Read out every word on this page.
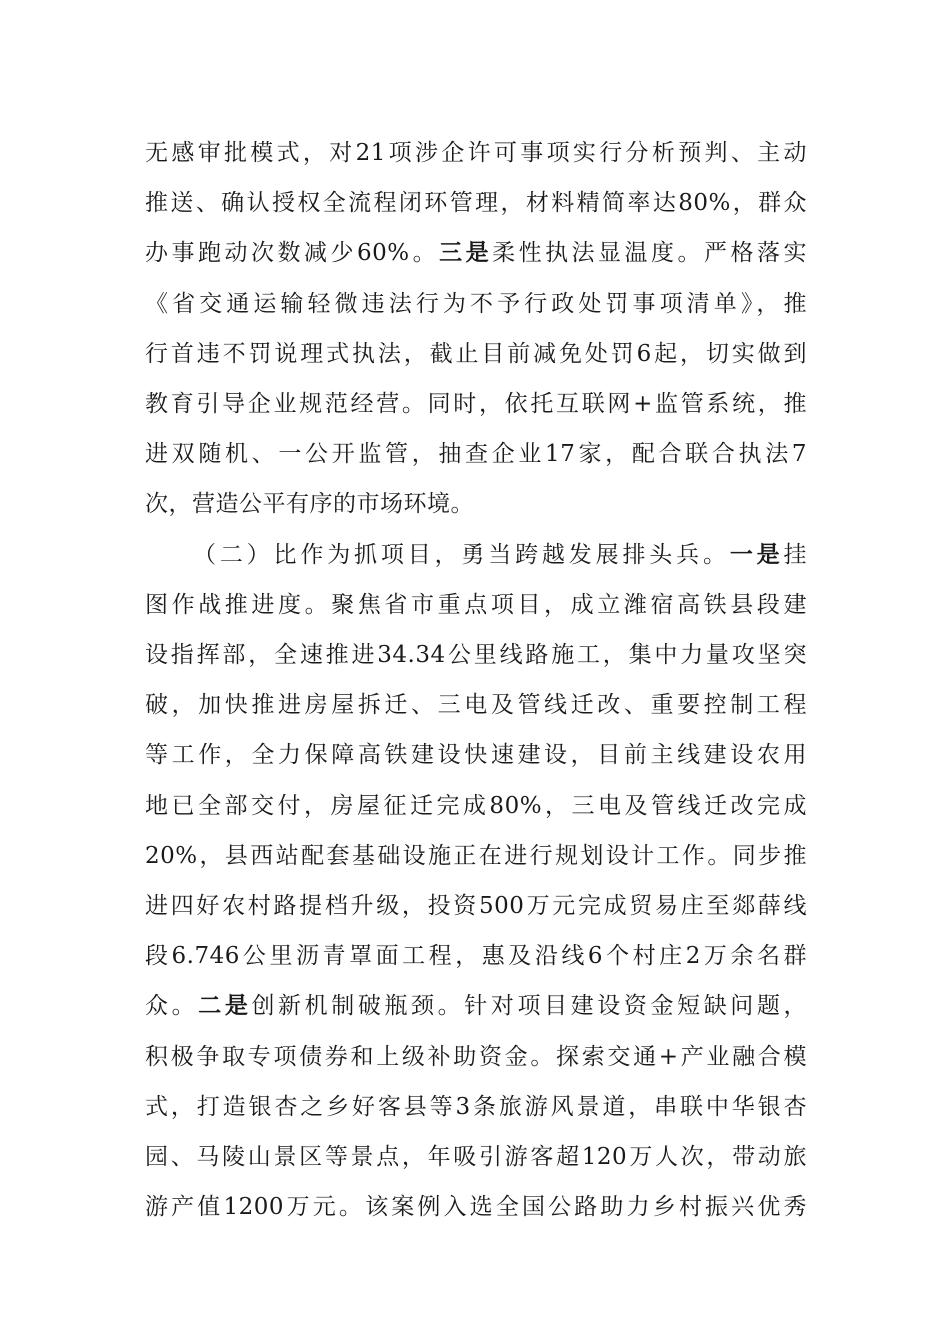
无感审批模式，对21项涉企许可事项实行分析预判、主动
推送、确认授权全流程闭环管理，材料精简率达80%，群众
办事跑动次数减少60%。三是柔性执法显温度。严格落实
《省交通运输轻微违法行为不予行政处罚事项清单》，推
行首违不罚说理式执法，截止目前减免处罚6起，切实做到
教育引导企业规范经营。同时，依托互联网+监管系统，推
进双随机、一公开监管，抽查企业17家，配合联合执法7
次，营造公平有序的市场环境。
（二）比作为抓项目，勇当跨越发展排头兵。一是挂
图作战推进度。聚焦省市重点项目，成立潍宿高铁县段建
设指挥部，全速推进34.34公里线路施工，集中力量攻坚突
破，加快推进房屋拆迁、三电及管线迁改、重要控制工程
等工作，全力保障高铁建设快速建设，目前主线建设农用
地已全部交付，房屋征迁完成80%，三电及管线迁改完成
20%，县西站配套基础设施正在进行规划设计工作。同步推
进四好农村路提档升级，投资500万元完成贸易庄至郯薛线
段6.746公里沥青罩面工程，惠及沿线6个村庄2万余名群
众。二是创新机制破瓶颈。针对项目建设资金短缺问题，
积极争取专项债券和上级补助资金。探索交通+产业融合模
式，打造银杏之乡好客县等3条旅游风景道，串联中华银杏
园、马陵山景区等景点，年吸引游客超120万人次，带动旅
游产值1200万元。该案例入选全国公路助力乡村振兴优秀
